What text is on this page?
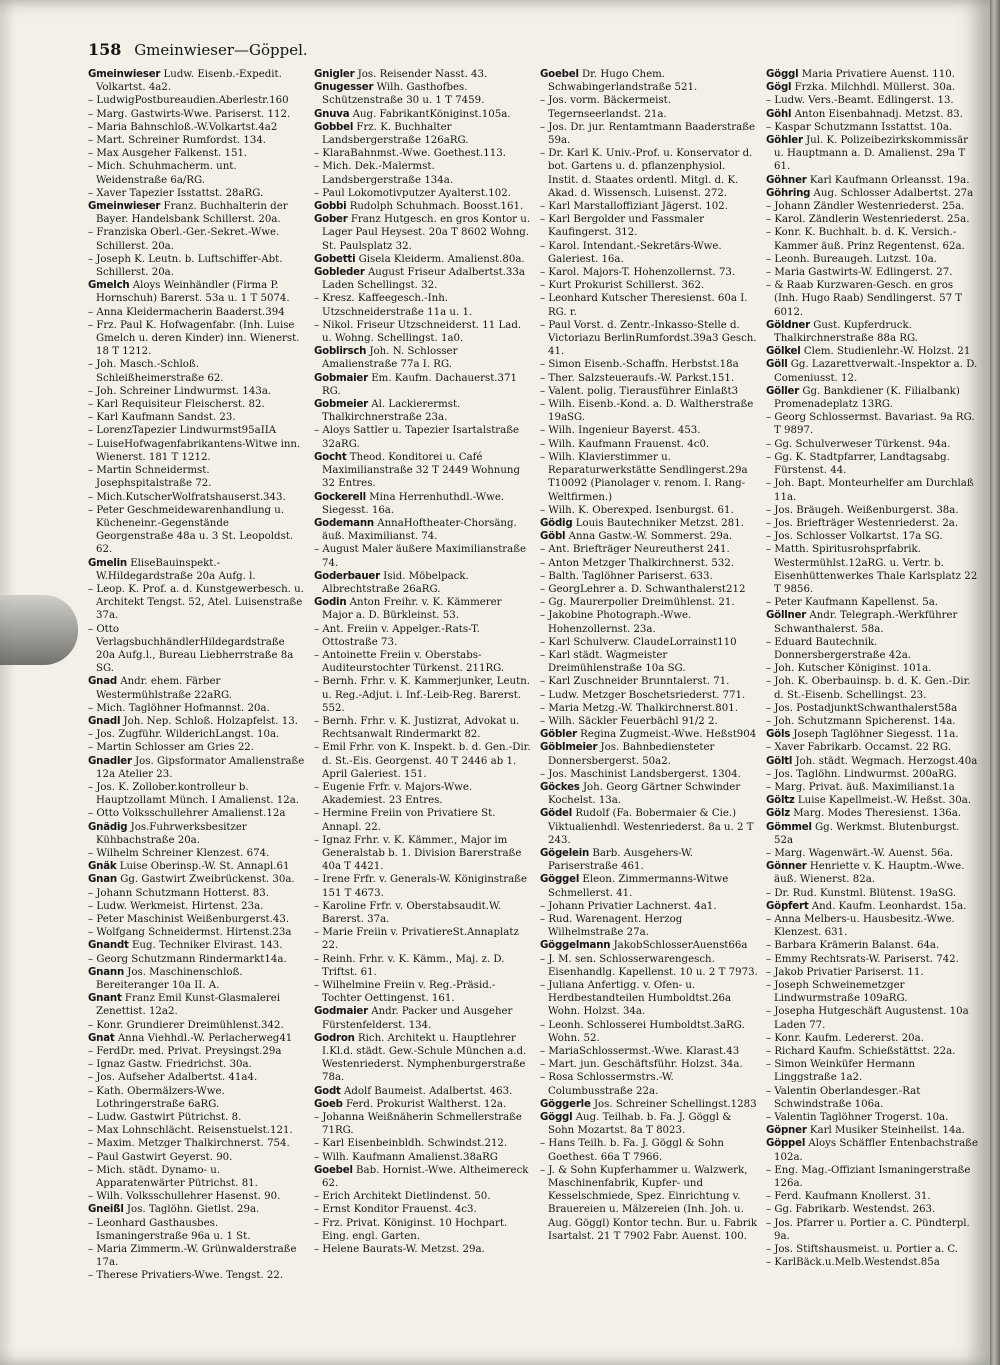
158 Gmeinwieser—Göppel.

Gmeinwieser Ludw. Eisenb.-Expedit. Volkartst. 4a2.

– LudwigPostbureaudien.Aberlestr.160

– Marg. Gastwirts-Wwe. Pariserst. 112.

– Maria Bahnschloß.-W.Volkartst.4a2

– Mart. Schreiner Rumfordst. 134.

– Max Ausgeher Falkenst. 151.

– Mich. Schuhmacherm. unt. Weidenstraße 6a/RG.

– Xaver Tapezier Isstattst. 28aRG.

Gmeinwieser Franz. Buchhalterin der Bayer. Handelsbank Schillerst. 20a.

– Franziska Oberl.-Ger.-Sekret.-Wwe. Schillerst. 20a.

– Joseph K. Leutn. b. Luftschiffer-Abt. Schillerst. 20a.

Gmelch Aloys Weinhändler (Firma P. Hornschuh) Barerst. 53a u. 1 T 5074.

– Anna Kleidermacherin Baaderst.394

– Frz. Paul K. Hofwagenfabr. (Inh. Luise Gmelch u. deren Kinder) inn. Wienerst. 18 T 1212.

– Joh. Masch.-Schloß. Schleißheimerstraße 62.

– Joh. Schreiner Lindwurmst. 143a.

– Karl Requisiteur Fleischerst. 82.

– Karl Kaufmann Sandst. 23.

– LorenzTapezier Lindwurmst95aIIA

– LuiseHofwagenfabrikantens-Witwe inn. Wienerst. 181 T 1212.

– Martin Schneidermst. Josephspitalstraße 72.

– Mich.KutscherWolfratshauserst.343.

– Peter Geschmeidewarenhandlung u. Kücheneinr.-Gegenstände Georgenstraße 48a u. 3 St. Leopoldst. 62.

Gmelin EliseBauinspekt.-W.Hildegardstraße 20a Aufg. l.

– Leop. K. Prof. a. d. Kunstgewerbesch. u. Architekt Tengst. 52, Atel. Luisenstraße 37a.

– Otto VerlagsbuchhändlerHildegardstraße 20a Aufg.l., Bureau Liebherrstraße 8a SG.

Gnad Andr. ehem. Färber Westermühlstraße 22aRG.

– Mich. Taglöhner Hofmannst. 20a.

Gnadl Joh. Nep. Schloß. Holzapfelst. 13.

– Jos. Zugführ. WilderichLangst. 10a.

– Martin Schlosser am Gries 22.

Gnadler Jos. Gipsformator Amalienstraße 12a Atelier 23.

– Jos. K. Zollober.kontrolleur b. Hauptzollamt Münch. I Amalienst. 12a.

– Otto Volksschullehrer Amalienst.12a

Gnädig Jos.Fuhrwerksbesitzer Kühbachstraße 20a.

– Wilhelm Schreiner Klenzest. 674.

Gnäk Luise Oberinsp.-W. St. Annapl.61

Gnan Gg. Gastwirt Zweibrückenst. 30a.

– Johann Schutzmann Hotterst. 83.

– Ludw. Werkmeist. Hirtenst. 23a.

– Peter Maschinist Weißenburgerst.43.

– Wolfgang Schneidermst. Hirtenst.23a

Gnandt Eug. Techniker Elvirast. 143.

– Georg Schutzmann Rindermarkt14a.

Gnann Jos. Maschinenschloß. Bereiteranger 10a II. A.

Gnant Franz Emil Kunst-Glasmalerei Zenettist. 12a2.

– Konr. Grundierer Dreimühlenst.342.

Gnat Anna Viehhdl.-W. Perlacherweg41

– FerdDr. med. Privat. Preysingst.29a

– Ignaz Gastw. Friedrichst. 30a.

– Jos. Aufseher Adalbertst. 41a4.

– Kath. Obermälzers-Wwe. Lothringerstraße 6aRG.

– Ludw. Gastwirt Pütrichst. 8.

– Max Lohnschlächt. Reisenstuelst.121.

– Maxim. Metzger Thalkirchnerst. 754.

– Paul Gastwirt Geyerst. 90.

– Mich. städt. Dynamo- u. Apparatenwärter Pütrichst. 81.

– Wilh. Volksschullehrer Hasenst. 90.

Gneißl Jos. Taglöhn. Gietlst. 29a.

– Leonhard Gasthausbes. Ismaningerstraße 96a u. 1 St.

– Maria Zimmerm.-W. Grünwalderstraße 17a.

– Therese Privatiers-Wwe. Tengst. 22.

Gnigler Jos. Reisender Nasst. 43.

Gnugesser Wilh. Gasthofbes. Schützenstraße 30 u. 1 T 7459.

Gnuva Aug. FabrikantKöniginst.105a.

Gobbel Frz. K. Buchhalter Landsbergerstraße 126aRG.

– KlaraBahnmst.-Wwe. Goethest.113.

– Mich. Dek.-Malermst. Landsbergerstraße 134a.

– Paul Lokomotivputzer Ayalterst.102.

Gobbi Rudolph Schuhmach. Boosst.161.

Gober Franz Hutgesch. en gros Kontor u. Lager Paul Heysest. 20a T 8602 Wohng. St. Paulsplatz 32.

Gobetti Gisela Kleiderm. Amalienst.80a.

Gobleder August Friseur Adalbertst.33a Laden Schellingst. 32.

– Kresz. Kaffeegesch.-Inh. Utzschneiderstraße 11a u. 1.

– Nikol. Friseur Utzschneiderst. 11 Lad. u. Wohng. Schellingst. 1a0.

Goblirsch Joh. N. Schlosser Amalienstraße 77a I. RG.

Gobmaier Em. Kaufm. Dachauerst.371 RG.

Gobmeier Al. Lackierermst. Thalkirchnerstraße 23a.

– Aloys Sattler u. Tapezier Isartalstraße 32aRG.

Gocht Theod. Konditorei u. Café Maximilianstraße 32 T 2449 Wohnung 32 Entres.

Gockerell Mina Herrenhuthdl.-Wwe. Siegesst. 16a.

Godemann AnnaHoftheater-Chorsäng. äuß. Maximilianst. 74.

– August Maler äußere Maximilianstraße 74.

Goderbauer Isid. Möbelpack. Albrechtstraße 26aRG.

Godin Anton Freihr. v. K. Kämmerer Major a. D. Bürkleinst. 53.

– Ant. Freiin v. Appelger.-Rats-T. Ottostraße 73.

– Antoinette Freiin v. Oberstabs-Auditeurstochter Türkenst. 211RG.

– Bernh. Frhr. v. K. Kammerjunker, Leutn. u. Reg.-Adjut. i. Inf.-Leib-Reg. Barerst. 552.

– Bernh. Frhr. v. K. Justizrat, Advokat u. Rechtsanwalt Rindermarkt 82.

– Emil Frhr. von K. Inspekt. b. d. Gen.-Dir. d. St.-Eis. Georgenst. 40 T 2446 ab 1. April Galeriest. 151.

– Eugenie Frfr. v. Majors-Wwe. Akademiest. 23 Entres.

– Hermine Freiin von Privatiere St. Annapl. 22.

– Ignaz Frhr. v. K. Kämmer., Major im Generalstab b. 1. Division Barerstraße 40a T 4421.

– Irene Frfr. v. Generals-W. Königinstraße 151 T 4673.

– Karoline Frfr. v. Oberstabsaudit.W. Barerst. 37a.

– Marie Freiin v. PrivatiereSt.Annaplatz 22.

– Reinh. Frhr. v. K. Kämm., Maj. z. D. Triftst. 61.

– Wilhelmine Freiin v. Reg.-Präsid.-Tochter Oettingenst. 161.

Godmaier Andr. Packer und Ausgeher Fürstenfelderst. 134.

Godron Rich. Architekt u. Hauptlehrer I.Kl.d. städt. Gew.-Schule München a.d. Westenriederst. Nymphenburgerstraße 78a.

Godt Adolf Baumeist. Adalbertst. 463.

Goeb Ferd. Prokurist Waltherst. 12a.

– Johanna Weißnäherin Schmellerstraße 71RG.

– Karl Eisenbeinbldh. Schwindst.212.

– Wilh. Kaufmann Amalienst.38aRG

Goebel Bab. Hornist.-Wwe. Altheimereck 62.

– Erich Architekt Dietlindenst. 50.

– Ernst Konditor Frauenst. 4c3.

– Frz. Privat. Königinst. 10 Hochpart. Eing. engl. Garten.

– Helene Baurats-W. Metzst. 29a.

Goebel Dr. Hugo Chem. Schwabingerlandstraße 521.

– Jos. vorm. Bäckermeist. Tegernseerlandst. 21a.

– Jos. Dr. jur. Rentamtmann Baaderstraße 59a.

– Dr. Karl K. Univ.-Prof. u. Konservator d. bot. Gartens u. d. pflanzenphysiol. Instit. d. Staates ordentl. Mitgl. d. K. Akad. d. Wissensch. Luisenst. 272.

– Karl Marstalloffiziant Jägerst. 102.

– Karl Bergolder und Fassmaler Kaufingerst. 312.

– Karol. Intendant.-Sekretärs-Wwe. Galeriest. 16a.

– Karol. Majors-T. Hohenzollernst. 73.

– Kurt Prokurist Schillerst. 362.

– Leonhard Kutscher Theresienst. 60a I. RG. r.

– Paul Vorst. d. Zentr.-Inkasso-Stelle d. Victoriazu BerlinRumfordst.39a3 Gesch. 41.

– Simon Eisenb.-Schaffn. Herbstst.18a

– Ther. Salzsteueraufs.-W. Parkst.151.

– Valent. polig. Tierausführer Einlaßt3

– Wilh. Eisenb.-Kond. a. D. Waltherstraße 19aSG.

– Wilh. Ingenieur Bayerst. 453.

– Wilh. Kaufmann Frauenst. 4c0.

– Wilh. Klavierstimmer u. Reparaturwerkstätte Sendlingerst.29a T10092 (Pianolager v. renom. I. Rang-Weltfirmen.)

– Wilh. K. Oberexped. Isenburgst. 61.

Gödig Louis Bautechniker Metzst. 281.

Göbl Anna Gastw.-W. Sommerst. 29a.

– Ant. Briefträger Neureutherst 241.

– Anton Metzger Thalkirchnerst. 532.

– Balth. Taglöhner Pariserst. 633.

– GeorgLehrer a. D. Schwanthalerst212

– Gg. Maurerpolier Dreimühlenst. 21.

– Jakobine Photograph.-Wwe. Hohenzollernst. 23a.

– Karl Schulverw. ClaudeLorrainst110

– Karl städt. Wagmeister Dreimühlenstraße 10a SG.

– Karl Zuschneider Brunntalerst. 71.

– Ludw. Metzger Boschetsriederst. 771.

– Maria Metzg.-W. Thalkirchnerst.801.

– Wilh. Säckler Feuerbächl 91/2 2.

Göbler Regina Zugmeist.-Wwe. Heßst904

Göblmeier Jos. Bahnbediensteter Donnersbergerst. 50a2.

– Jos. Maschinist Landsbergerst. 1304.

Göckes Joh. Georg Gärtner Schwinder Kochelst. 13a.

Gödel Rudolf (Fa. Bobermaier & Cie.) Viktualienhdl. Westenriederst. 8a u. 2 T 243.

Gögelein Barb. Ausgehers-W. Pariserstraße 461.

Göggel Eleon. Zimmermanns-Witwe Schmellerst. 41.

– Johann Privatier Lachnerst. 4a1.

– Rud. Warenagent. Herzog Wilhelmstraße 27a.

Göggelmann JakobSchlosserAuenst66a

– J. M. sen. Schlosserwarengesch. Eisenhandlg. Kapellenst. 10 u. 2 T 7973.

– Juliana Anfertigg. v. Ofen- u. Herdbestandteilen Humboldtst.26a Wohn. Holzst. 34a.

– Leonh. Schlosserei Humboldtst.3aRG. Wohn. 52.

– MariaSchlossermst.-Wwe. Klarast.43

– Mart. jun. Geschäftsführ. Holzst. 34a.

– Rosa Schlossermstrs.-W. Columbusstraße 22a.

Göggerle Jos. Schreiner Schellingst.1283

Göggl Aug. Teilhab. b. Fa. J. Göggl & Sohn Mozartst. 8a T 8023.

– Hans Teilh. b. Fa. J. Göggl & Sohn Goethest. 66a T 7966.

– J. & Sohn Kupferhammer u. Walzwerk, Maschinenfabrik, Kupfer- und Kesselschmiede, Spez. Einrichtung v. Brauereien u. Mälzereien (Inh. Joh. u. Aug. Göggl) Kontor techn. Bur. u. Fabrik Isartalst. 21 T 7902 Fabr. Auenst. 100.

Göggl Maria Privatiere Auenst. 110.

Gögl Frzka. Milchhdl. Müllerst. 30a.

– Ludw. Vers.-Beamt. Edlingerst. 13.

Göhl Anton Eisenbahnadj. Metzst. 83.

– Kaspar Schutzmann Isstattst. 10a.

Göhler Jul. K. Polizeibezirkskommissär u. Hauptmann a. D. Amalienst. 29a T 61.

Göhner Karl Kaufmann Orleansst. 19a.

Göhring Aug. Schlosser Adalbertst. 27a

– Johann Zändler Westenriederst. 25a.

– Karol. Zändlerin Westenriederst. 25a.

– Konr. K. Buchhalt. b. d. K. Versich.-Kammer äuß. Prinz Regentenst. 62a.

– Leonh. Bureaugeh. Lutzst. 10a.

– Maria Gastwirts-W. Edlingerst. 27.

– & Raab Kurzwaren-Gesch. en gros (Inh. Hugo Raab) Sendlingerst. 57 T 6012.

Göldner Gust. Kupferdruck. Thalkirchnerstraße 88a RG.

Gölkel Clem. Studienlehr.-W. Holzst. 21

Göll Gg. Lazarettverwalt.-Inspektor a. D. Comeniusst. 12.

Göller Gg. Bankdiener (K. Filialbank) Promenadeplatz 13RG.

– Georg Schlossermst. Bavariast. 9a RG. T 9897.

– Gg. Schulverweser Türkenst. 94a.

– Gg. K. Stadtpfarrer, Landtagsabg. Fürstenst. 44.

– Joh. Bapt. Monteurhelfer am Durchlaß 11a.

– Jos. Bräugeh. Weißenburgerst. 38a.

– Jos. Briefträger Westenriederst. 2a.

– Jos. Schlosser Volkartst. 17a SG.

– Matth. Spiritusrohsprfabrik. Westermühlst.12aRG. u. Vertr. b. Eisenhüttenwerkes Thale Karlsplatz 22 T 9856.

– Peter Kaufmann Kapellenst. 5a.

Göllner Andr. Telegraph.-Werkführer Schwanthalerst. 58a.

– Eduard Bautechnik. Donnersbergerstraße 42a.

– Joh. Kutscher Königinst. 101a.

– Joh. K. Oberbauinsp. b. d. K. Gen.-Dir. d. St.-Eisenb. Schellingst. 23.

– Jos. PostadjunktSchwanthalerst58a

– Joh. Schutzmann Spicherenst. 14a.

Göls Joseph Taglöhner Siegesst. 11a.

– Xaver Fabrikarb. Occamst. 22 RG.

Göltl Joh. städt. Wegmach. Herzogst.40a

– Jos. Taglöhn. Lindwurmst. 200aRG.

– Marg. Privat. äuß. Maximilianst.1a

Göltz Luise Kapellmeist.-W. Heßst. 30a.

Gölz Marg. Modes Theresienst. 136a.

Gömmel Gg. Werkmst. Blutenburgst. 52a

– Marg. Wagenwärt.-W. Auenst. 56a.

Gönner Henriette v. K. Hauptm.-Wwe. äuß. Wienerst. 82a.

– Dr. Rud. Kunstml. Blütenst. 19aSG.

Göpfert And. Kaufm. Leonhardst. 15a.

– Anna Melbers-u. Hausbesitz.-Wwe. Klenzest. 631.

– Barbara Krämerin Balanst. 64a.

– Emmy Rechtsrats-W. Pariserst. 742.

– Jakob Privatier Pariserst. 11.

– Joseph Schweinemetzger Lindwurmstraße 109aRG.

– Josepha Hutgeschäft Augustenst. 10a Laden 77.

– Konr. Kaufm. Ledererst. 20a.

– Richard Kaufm. Schießstättst. 22a.

– Simon Weinküfer Hermann Linggstraße 1a2.

– Valentin Oberlandesger.-Rat Schwindstraße 106a.

– Valentin Taglöhner Trogerst. 10a.

Göpner Karl Musiker Steinheilst. 14a.

Göppel Aloys Schäffler Entenbachstraße 102a.

– Eng. Mag.-Offiziant Ismaningerstraße 126a.

– Ferd. Kaufmann Knollerst. 31.

– Gg. Fabrikarb. Westendst. 263.

– Jos. Pfarrer u. Portier a. C. Pündterpl. 9a.

– Jos. Stiftshausmeist. u. Portier a. C.

– KarlBäck.u.Melb.Westendst.85a
